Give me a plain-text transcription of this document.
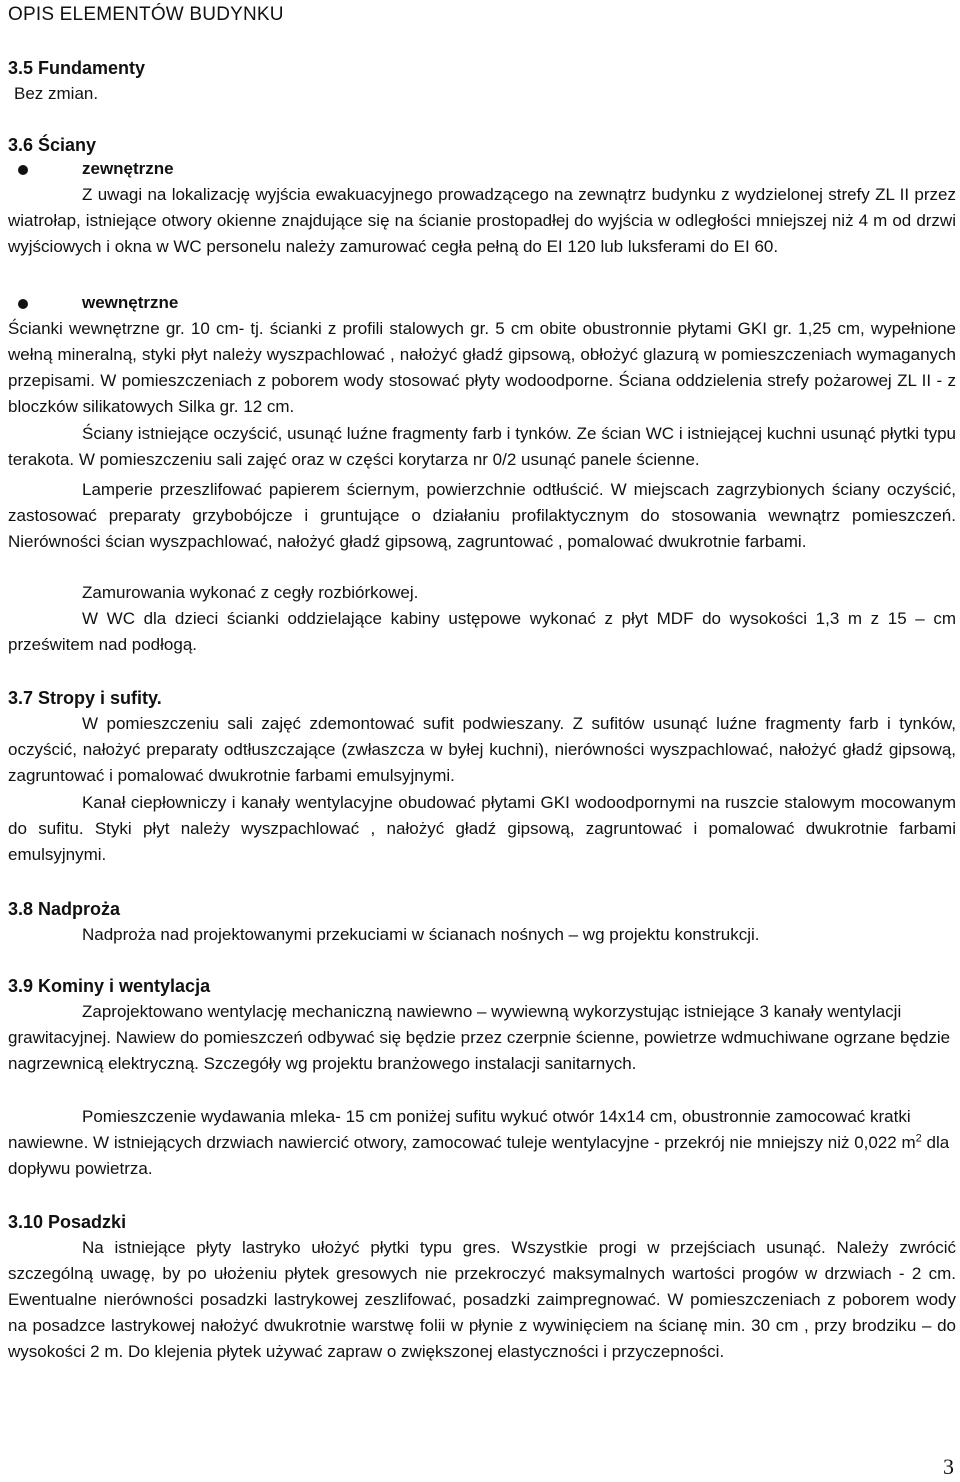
OPIS ELEMENTÓW BUDYNKU
3.5 Fundamenty
Bez zmian.
3.6 Ściany
zewnętrzne

Z uwagi na lokalizację wyjścia ewakuacyjnego prowadzącego na zewnątrz budynku z wydzielonej strefy ZL II przez wiatrołap, istniejące otwory okienne znajdujące się na ścianie prostopadłej do wyjścia w odległości mniejszej niż 4 m od drzwi wyjściowych i okna w WC personelu należy zamurować cegła pełną do EI 120 lub luksferami do EI 60.

wewnętrzne

Ścianki wewnętrzne gr. 10 cm- tj. ścianki z profili stalowych gr. 5 cm obite obustronnie płytami GKI gr. 1,25 cm, wypełnione wełną mineralną, styki płyt należy wyszpachlować , nałożyć gładź gipsową, obłożyć glazurą w pomieszczeniach wymaganych przepisami. W pomieszczeniach z poborem wody stosować płyty wodoodporne. Ściana oddzielenia strefy pożarowej ZL II - z bloczków silikatowych Silka gr. 12 cm.

Ściany istniejące oczyścić, usunąć luźne fragmenty farb i tynków. Ze ścian WC i istniejącej kuchni usunąć płytki typu terakota. W pomieszczeniu sali zajęć oraz w części korytarza nr 0/2 usunąć panele ścienne.

Lamperie przeszlifować papierem ściernym, powierzchnie odtłuścić. W miejscach zagrzybionych ściany oczyścić, zastosować preparaty grzybobójcze i gruntujące o działaniu profilaktycznym do stosowania wewnątrz pomieszczeń. Nierówności ścian wyszpachlować, nałożyć gładź gipsową, zagruntować , pomalować dwukrotnie farbami.

Zamurowania wykonać z cegły rozbiórkowej.

W WC dla dzieci ścianki oddzielające kabiny ustępowe wykonać z płyt MDF do wysokości 1,3 m z 15 – cm prześwitem nad podłogą.

3.7 Stropy i sufity.

W pomieszczeniu sali zajęć zdemontować sufit podwieszany. Z sufitów usunąć luźne fragmenty farb i tynków, oczyścić, nałożyć preparaty odtłuszczające (zwłaszcza w byłej kuchni), nierówności wyszpachlować, nałożyć gładź gipsową, zagruntować i pomalować dwukrotnie farbami emulsyjnymi.

Kanał ciepłowniczy i kanały wentylacyjne obudować płytami GKI wodoodpornymi na ruszcie stalowym mocowanym do sufitu. Styki płyt należy wyszpachlować , nałożyć gładź gipsową, zagruntować i pomalować dwukrotnie farbami emulsyjnymi.

3.8 Nadproża

Nadproża nad projektowanymi przekuciami w ścianach nośnych – wg projektu konstrukcji.

3.9 Kominy i wentylacja

Zaprojektowano wentylację mechaniczną nawiewno – wywiewną wykorzystując istniejące 3 kanały wentylacji grawitacyjnej. Nawiew do pomieszczeń odbywać się będzie przez czerpnie ścienne, powietrze wdmuchiwane ogrzane będzie nagrzewnicą elektryczną. Szczegóły wg projektu branżowego instalacji sanitarnych.

Pomieszczenie wydawania mleka- 15 cm poniżej sufitu wykuć otwór 14x14 cm, obustronnie zamocować kratki nawiewne. W istniejących drzwiach nawiercić otwory, zamocować tuleje wentylacyjne - przekrój nie mniejszy niż 0,022 $m^2$ dla dopływu powietrza.

3.10 Posadzki

Na istniejące płyty lastryko ułożyć płytki typu gres. Wszystkie progi w przejściach usunąć. Należy zwrócić szczególną uwagę, by po ułożeniu płytek gresowych nie przekroczyć maksymalnych wartości progów w drzwiach - 2 cm. Ewentualne nierówności posadzki lastrykowej zeszlifować, posadzki zaimpregnować. W pomieszczeniach z poborem wody na posadzce lastrykowej nałożyć dwukrotnie warstwę folii w płynie z wywinięciem na ścianę min. 30 cm , przy brodziku – do wysokości 2 m. Do klejenia płytek używać zapraw o zwiększonej elastyczności i przyczepności.

3
